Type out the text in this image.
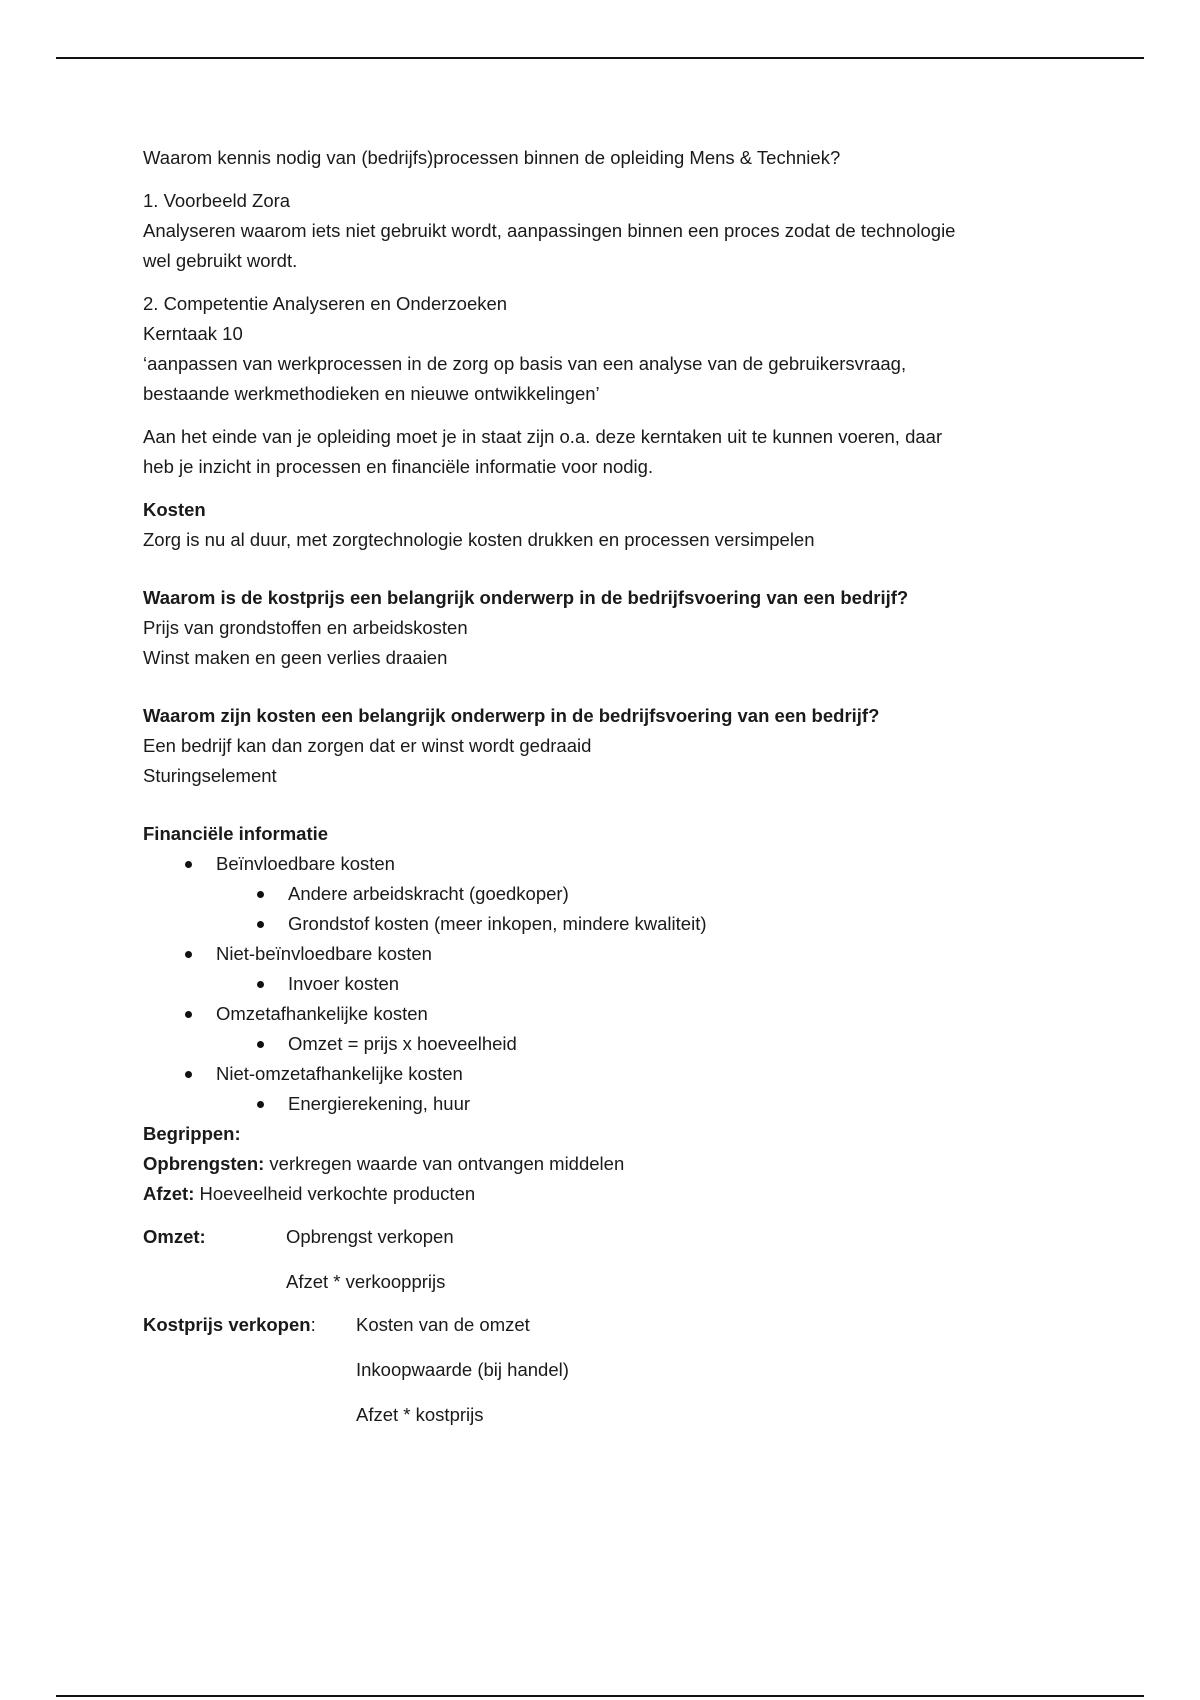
Waarom kennis nodig van (bedrijfs)processen binnen de opleiding Mens & Techniek?

1. Voorbeeld Zora

Analyseren waarom iets niet gebruikt wordt, aanpassingen binnen een proces zodat de technologie

wel gebruikt wordt.

2. Competentie Analyseren en Onderzoeken

Kerntaak 10

‘aanpassen van werkprocessen in de zorg op basis van een analyse van de gebruikersvraag,

bestaande werkmethodieken en nieuwe ontwikkelingen’

Aan het einde van je opleiding moet je in staat zijn o.a. deze kerntaken uit te kunnen voeren, daar

heb je inzicht in processen en financiële informatie voor nodig.

Kosten

Zorg is nu al duur, met zorgtechnologie kosten drukken en processen versimpelen

Waarom is de kostprijs een belangrijk onderwerp in de bedrijfsvoering van een bedrijf?

Prijs van grondstoffen en arbeidskosten

Winst maken en geen verlies draaien

Waarom zijn kosten een belangrijk onderwerp in de bedrijfsvoering van een bedrijf?

Een bedrijf kan dan zorgen dat er winst wordt gedraaid

Sturingselement

Financiële informatie

Beïnvloedbare kosten
Andere arbeidskracht (goedkoper)
Grondstof kosten (meer inkopen, mindere kwaliteit)
Niet-beïnvloedbare kosten
Invoer kosten
Omzetafhankelijke kosten
Omzet = prijs x hoeveelheid
Niet-omzetafhankelijke kosten
Energierekening, huur

Begrippen:

Opbrengsten: verkregen waarde van ontvangen middelen

Afzet: Hoeveelheid verkochte producten

Omzet:	Opbrengst verkopen

Afzet * verkoopprijs

Kostprijs verkopen:	Kosten van de omzet

Inkoopwaarde (bij handel)

Afzet * kostprijs
